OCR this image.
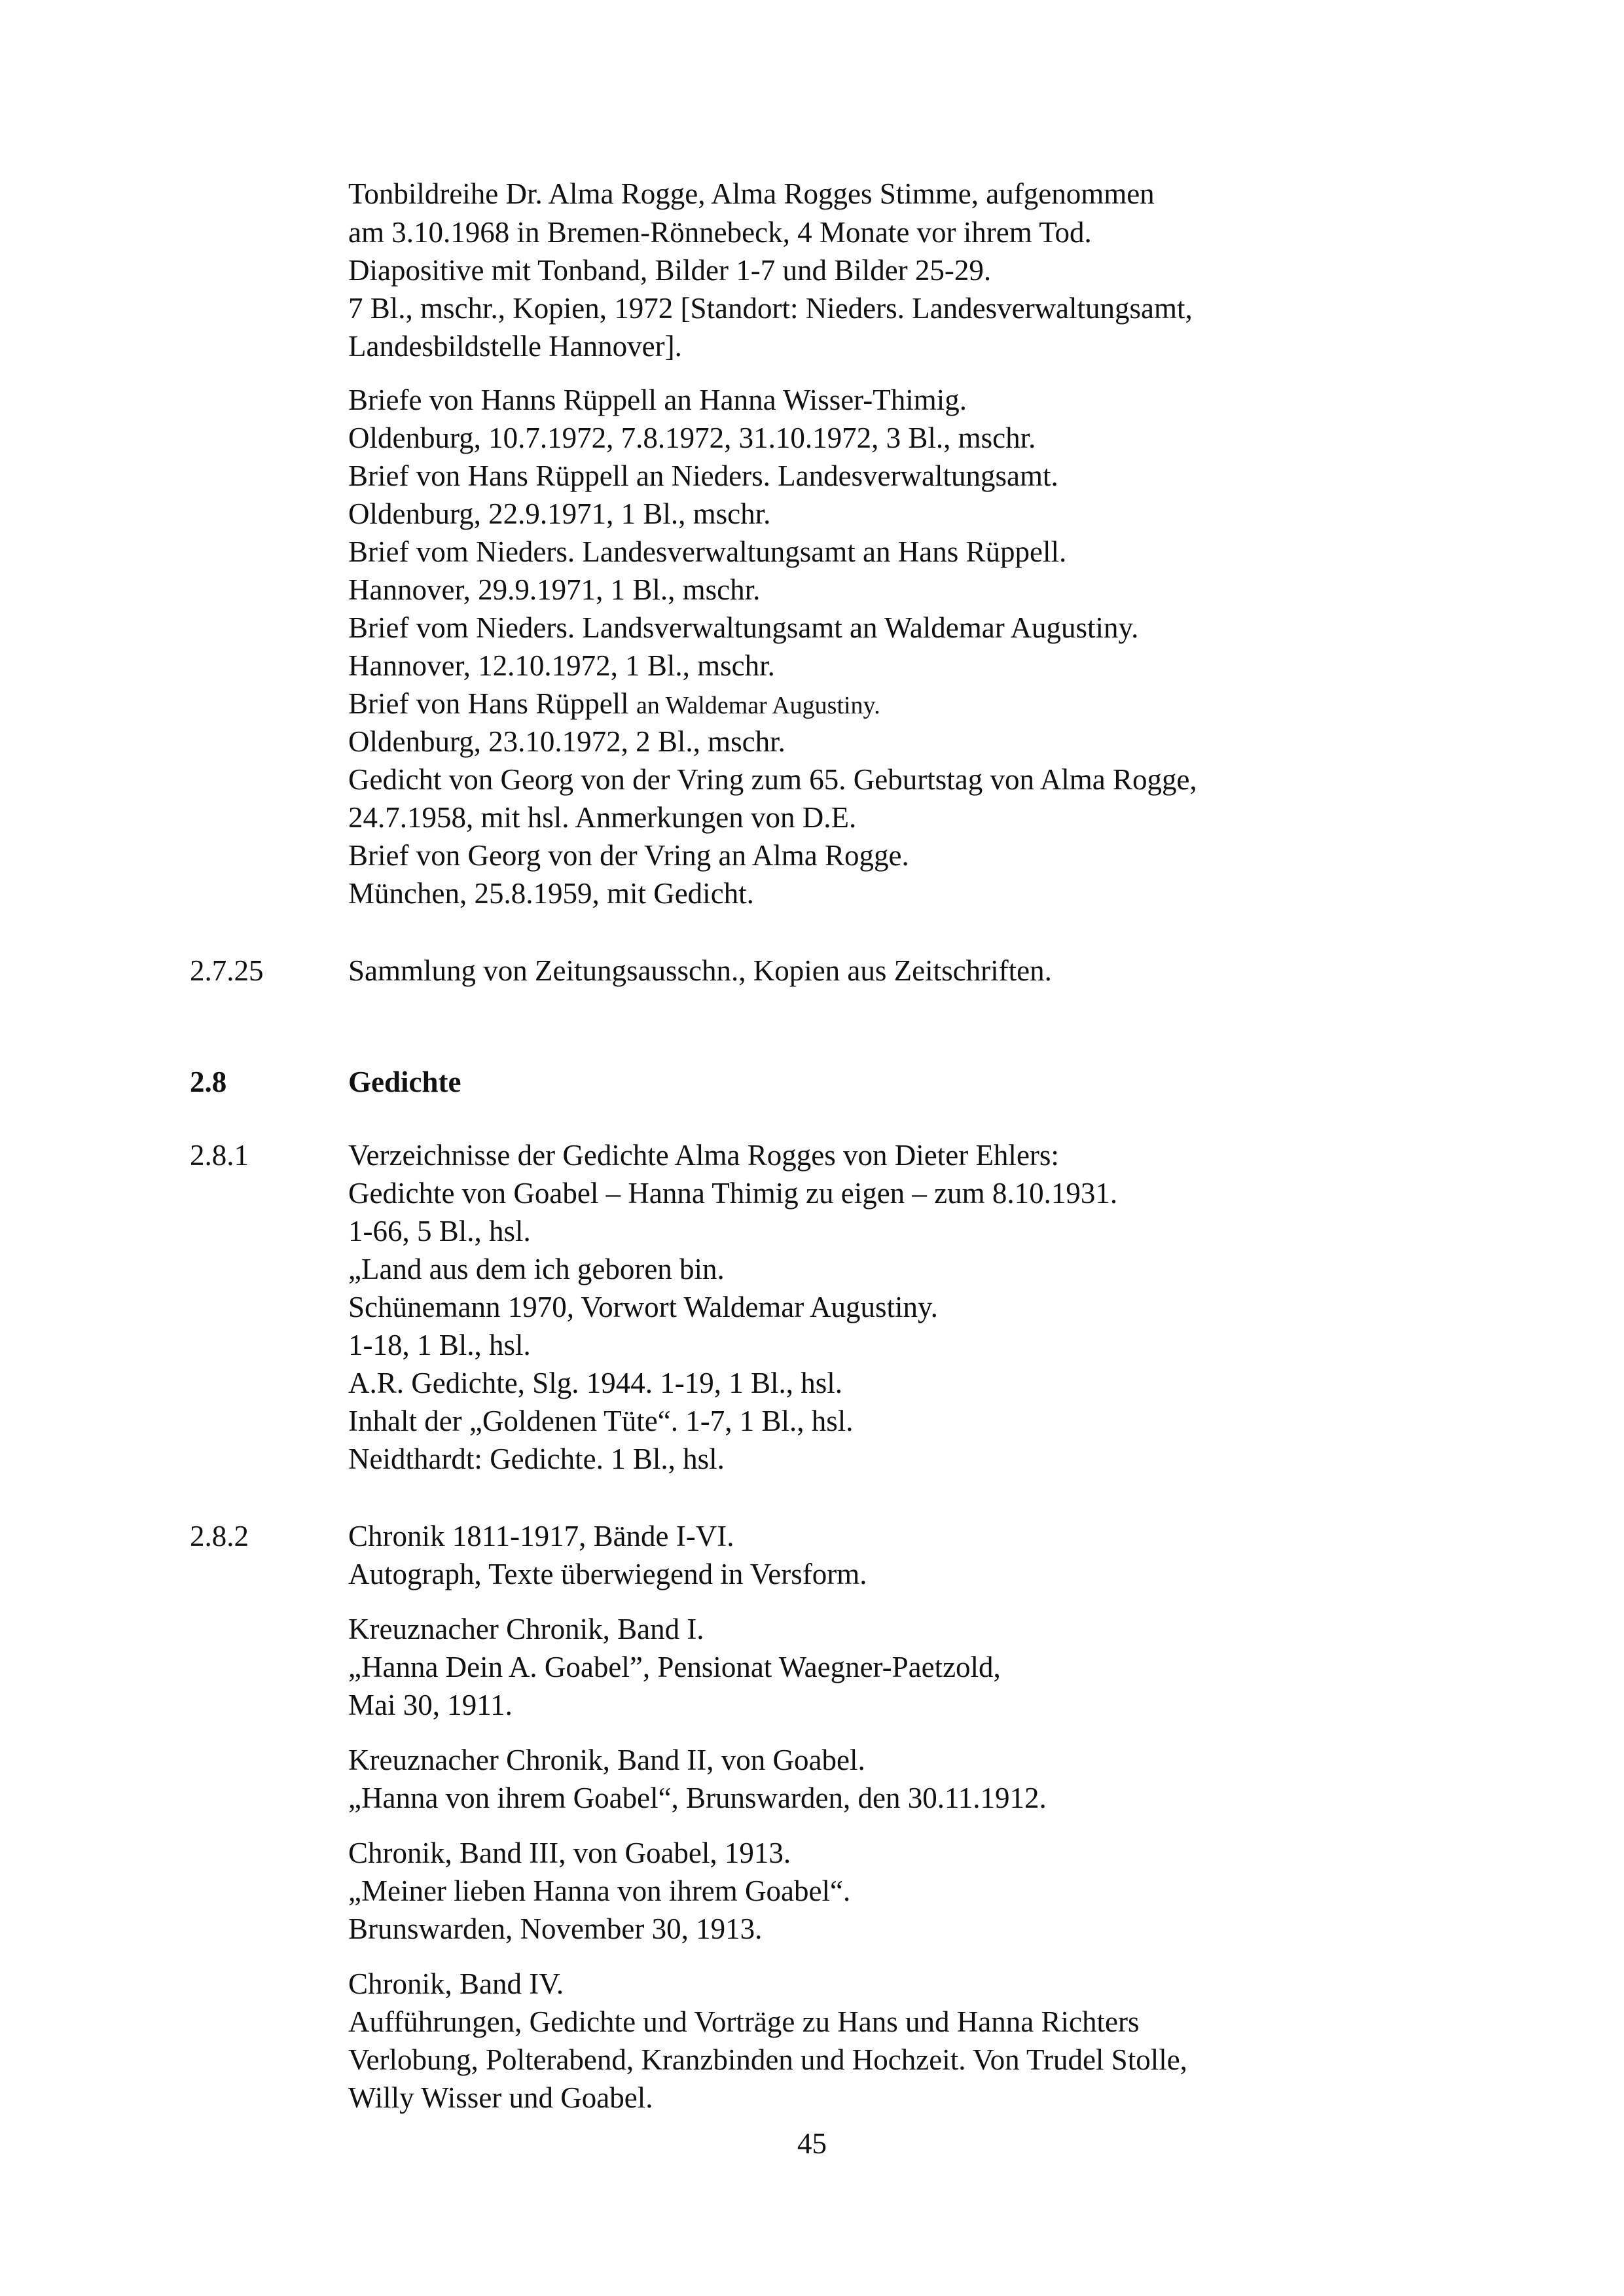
Tonbildreihe Dr. Alma Rogge, Alma Rogges Stimme, aufgenommen
am 3.10.1968 in Bremen-Rönnebeck, 4 Monate vor ihrem Tod.
Diapositive mit Tonband, Bilder 1-7 und Bilder 25-29.
7 Bl., mschr., Kopien, 1972 [Standort: Nieders. Landesverwaltungsamt,
Landesbildstelle Hannover].
Briefe von Hanns Rüppell an Hanna Wisser-Thimig.
Oldenburg, 10.7.1972, 7.8.1972, 31.10.1972, 3 Bl., mschr.
Brief von Hans Rüppell an Nieders. Landesverwaltungsamt.
Oldenburg, 22.9.1971, 1 Bl., mschr.
Brief vom Nieders. Landesverwaltungsamt an Hans Rüppell.
Hannover, 29.9.1971, 1 Bl., mschr.
Brief vom Nieders. Landsverwaltungsamt an Waldemar Augustiny.
Hannover, 12.10.1972, 1 Bl., mschr.
Brief von Hans Rüppell an Waldemar Augustiny.
Oldenburg, 23.10.1972, 2 Bl., mschr.
Gedicht von Georg von der Vring zum 65. Geburtstag von Alma Rogge,
24.7.1958, mit hsl. Anmerkungen von D.E.
Brief von Georg von der Vring an Alma Rogge.
München, 25.8.1959, mit Gedicht.
2.7.25	Sammlung von Zeitungsausschn., Kopien aus Zeitschriften.
2.8	Gedichte
2.8.1	Verzeichnisse der Gedichte Alma Rogges von Dieter Ehlers:
Gedichte von Goabel – Hanna Thimig zu eigen – zum 8.10.1931.
1-66, 5 Bl., hsl.
„Land aus dem ich geboren bin.
Schünemann 1970, Vorwort Waldemar Augustiny.
1-18, 1 Bl., hsl.
A.R. Gedichte, Slg. 1944. 1-19, 1 Bl., hsl.
Inhalt der „Goldenen Tüte“. 1-7, 1 Bl., hsl.
Neidthardt: Gedichte. 1 Bl., hsl.
2.8.2	Chronik 1811-1917, Bände I-VI.
Autograph, Texte überwiegend in Versform.
Kreuznacher Chronik, Band I.
„Hanna Dein A. Goabel”, Pensionat Waegner-Paetzold,
Mai 30, 1911.
Kreuznacher Chronik, Band II, von Goabel.
„Hanna von ihrem Goabel“, Brunswarden, den 30.11.1912.
Chronik, Band III, von Goabel, 1913.
„Meiner lieben Hanna von ihrem Goabel“.
Brunswarden, November 30, 1913.
Chronik, Band IV.
Aufführungen, Gedichte und Vorträge zu Hans und Hanna Richters
Verlobung, Polterabend, Kranzbinden und Hochzeit. Von Trudel Stolle,
Willy Wisser und Goabel.
45
